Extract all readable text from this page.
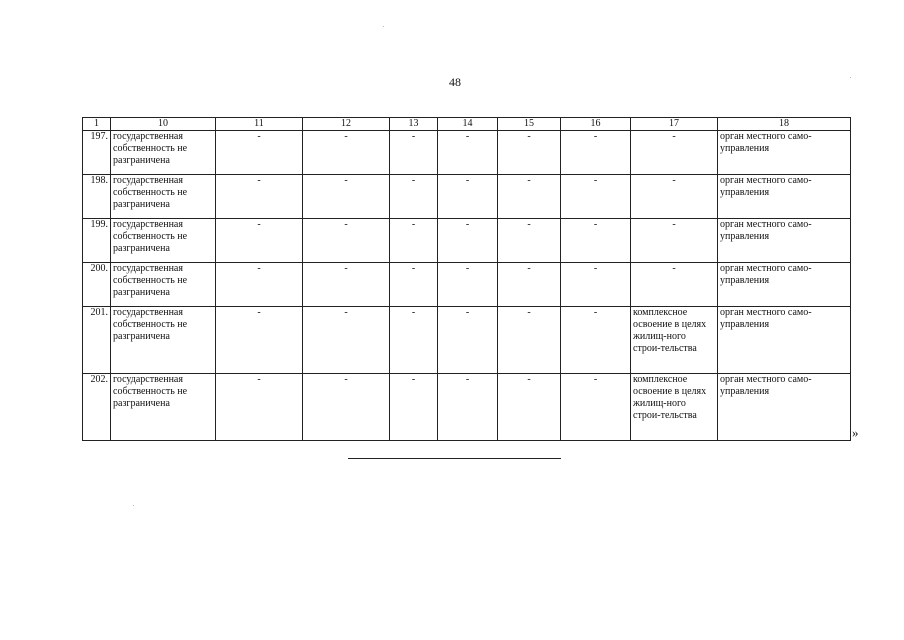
48
1	10	11	12	13	14	15	16	17	18
197.	государственная собственность не разграничена	-	-	-	-	-	-	-	орган местного само-управления
198.	государственная собственность не разграничена	-	-	-	-	-	-	-	орган местного само-управления
199.	государственная собственность не разграничена	-	-	-	-	-	-	-	орган местного само-управления
200.	государственная собственность не разграничена	-	-	-	-	-	-	-	орган местного само-управления
201.	государственная собственность не разграничена	-	-	-	-	-	-	комплексное освоение в целях жилищ-ного строи-тельства	орган местного само-управления
202.	государственная собственность не разграничена	-	-	-	-	-	-	комплексное освоение в целях жилищ-ного строи-тельства	орган местного само-управления
»
